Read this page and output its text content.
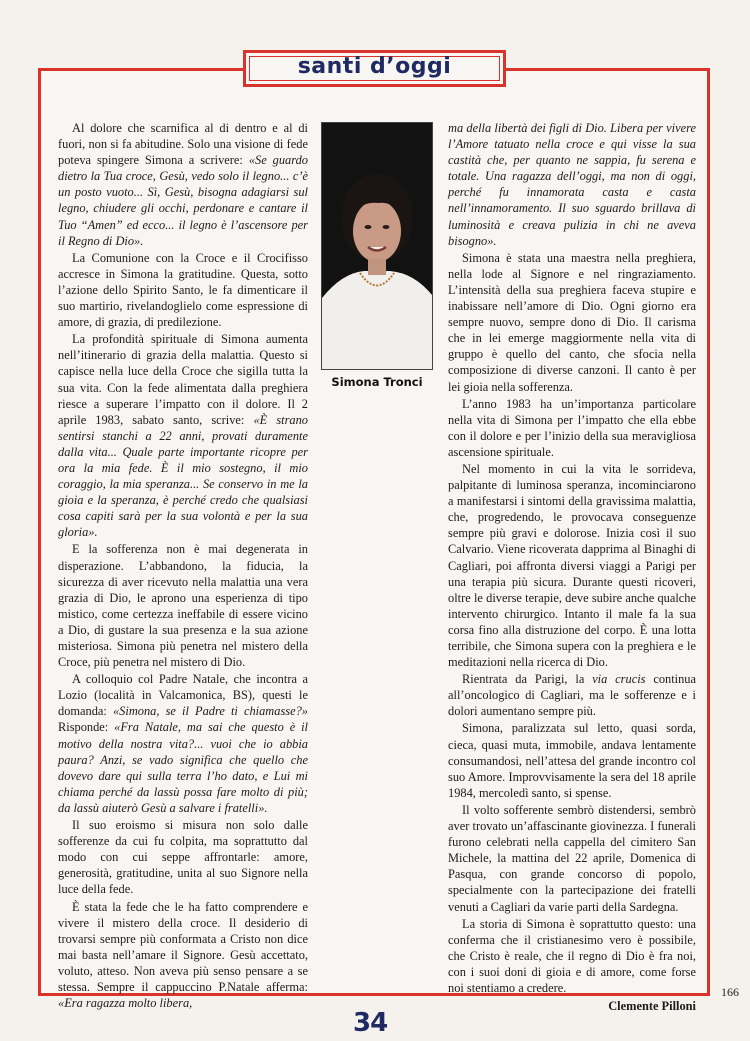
santi d’oggi

Al dolore che scarnifica al di dentro e al di fuori, non si fa abitudine. Solo una visione di fede poteva spingere Simona a scrivere: «Se guardo dietro la Tua croce, Gesù, vedo solo il legno... c’è un posto vuoto... Sì, Gesù, bisogna adagiarsi sul legno, chiudere gli occhi, perdonare e cantare il Tuo “Amen” ed ecco... il legno è l’ascensore per il Regno di Dio».

La Comunione con la Croce e il Crocifisso accresce in Simona la gratitudine. Questa, sotto l’azione dello Spirito Santo, le fa dimenticare il suo martirio, rivelandoglielo come espressione di amore, di grazia, di predilezione.

La profondità spirituale di Simona aumenta nell’itinerario di grazia della malattia. Questo si capisce nella luce della Croce che sigilla tutta la sua vita. Con la fede alimentata dalla preghiera riesce a superare l’impatto con il dolore. Il 2 aprile 1983, sabato santo, scrive: «È strano sentirsi stanchi a 22 anni, provati duramente dalla vita... Quale parte importante ricopre per ora la mia fede. È il mio sostegno, il mio coraggio, la mia speranza... Se conservo in me la gioia e la speranza, è perché credo che qualsiasi cosa capiti sarà per la sua volontà e per la sua gloria».

E la sofferenza non è mai degenerata in disperazione. L’abbandono, la fiducia, la sicurezza di aver ricevuto nella malattia una vera grazia di Dio, le aprono una esperienza di tipo mistico, come certezza ineffabile di essere vicino a Dio, di gustare la sua presenza e la sua azione misteriosa. Simona più penetra nel mistero della Croce, più penetra nel mistero di Dio.

A colloquio col Padre Natale, che incontra a Lozio (località in Valcamonica, BS), questi le domanda: «Simona, se il Padre ti chiamasse?» Risponde: «Fra Natale, ma sai che questo è il motivo della nostra vita?... vuoi che io abbia paura? Anzi, se vado significa che quello che dovevo dare qui sulla terra l’ho dato, e Lui mi chiama perché da lassù possa fare molto di più; da lassù aiuterò Gesù a salvare i fratelli».

Il suo eroismo si misura non solo dalle sofferenze da cui fu colpita, ma soprattutto dal modo con cui seppe affrontarle: amore, generosità, gratitudine, unita al suo Signore nella luce della fede.

È stata la fede che le ha fatto comprendere e vivere il mistero della croce. Il desiderio di trovarsi sempre più conformata a Cristo non dice mai basta nell’amare il Signore. Gesù accettato, voluto, atteso. Non aveva più senso pensare a se stessa. Sempre il cappuccino P.Natale afferma: «Era ragazza molto libera,

Simona Tronci

ma della libertà dei figli di Dio. Libera per vivere l’Amore tatuato nella croce e qui visse la sua castità che, per quanto ne sappia, fu serena e totale. Una ragazza dell’oggi, ma non di oggi, perché fu innamorata casta e casta nell’innamoramento. Il suo sguardo brillava di luminosità e creava pulizia in chi ne aveva bisogno».

Simona è stata una maestra nella preghiera, nella lode al Signore e nel ringraziamento. L’intensità della sua preghiera faceva stupire e inabissare nell’amore di Dio. Ogni giorno era sempre nuovo, sempre dono di Dio. Il carisma che in lei emerge maggiormente nella vita di gruppo è quello del canto, che sfocia nella composizione di diverse canzoni. Il canto è per lei gioia nella sofferenza.

L’anno 1983 ha un’importanza particolare nella vita di Simona per l’impatto che ella ebbe con il dolore e per l’inizio della sua meravigliosa ascensione spirituale.

Nel momento in cui la vita le sorrideva, palpitante di luminosa speranza, incominciarono a manifestarsi i sintomi della gravissima malattia, che, progredendo, le provocava conseguenze sempre più gravi e dolorose. Inizia così il suo Calvario. Viene ricoverata dapprima al Binaghi di Cagliari, poi affronta diversi viaggi a Parigi per una terapia più sicura. Durante questi ricoveri, oltre le diverse terapie, deve subire anche qualche intervento chirurgico. Intanto il male fa la sua corsa fino alla distruzione del corpo. È una lotta terribile, che Simona supera con la preghiera e le meditazioni nella ricerca di Dio.

Rientrata da Parigi, la via crucis continua all’oncologico di Cagliari, ma le sofferenze e i dolori aumentano sempre più.

Simona, paralizzata sul letto, quasi sorda, cieca, quasi muta, immobile, andava lentamente consumandosi, nell’attesa del grande incontro col suo Amore. Improvvisamente la sera del 18 aprile 1984, mercoledì santo, si spense.

Il volto sofferente sembrò distendersi, sembrò aver trovato un’affascinante giovinezza. I funerali furono celebrati nella cappella del cimitero San Michele, la mattina del 22 aprile, Domenica di Pasqua, con grande concorso di popolo, specialmente con la partecipazione dei fratelli venuti a Cagliari da varie parti della Sardegna.

La storia di Simona è soprattutto questo: una conferma che il cristianesimo vero è possibile, che Cristo è reale, che il regno di Dio è fra noi, con i suoi doni di gioia e di amore, come forse noi stentiamo a credere.

Clemente Pilloni
166
34
